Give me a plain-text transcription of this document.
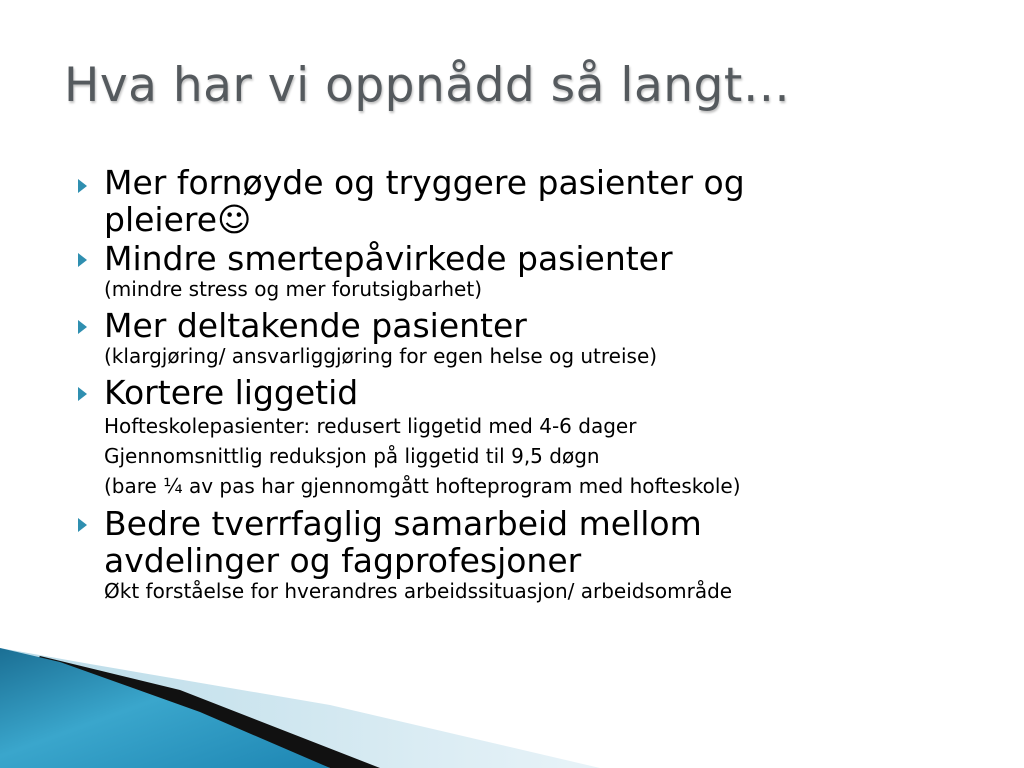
Hva har vi oppnådd så langt…
Mer fornøyde og tryggere pasienter og
pleiere☺
Mindre smertepåvirkede pasienter
(mindre stress og mer forutsigbarhet)
Mer deltakende pasienter
(klargjøring/ ansvarliggjøring for egen helse og utreise)
Kortere liggetid
Hofteskolepasienter: redusert liggetid med 4-6 dager
Gjennomsnittlig reduksjon på liggetid til 9,5 døgn
(bare ¼ av pas har gjennomgått hofteprogram med hofteskole)
Bedre tverrfaglig samarbeid mellom
avdelinger og fagprofesjoner
Økt forståelse for hverandres arbeidssituasjon/ arbeidsområde
